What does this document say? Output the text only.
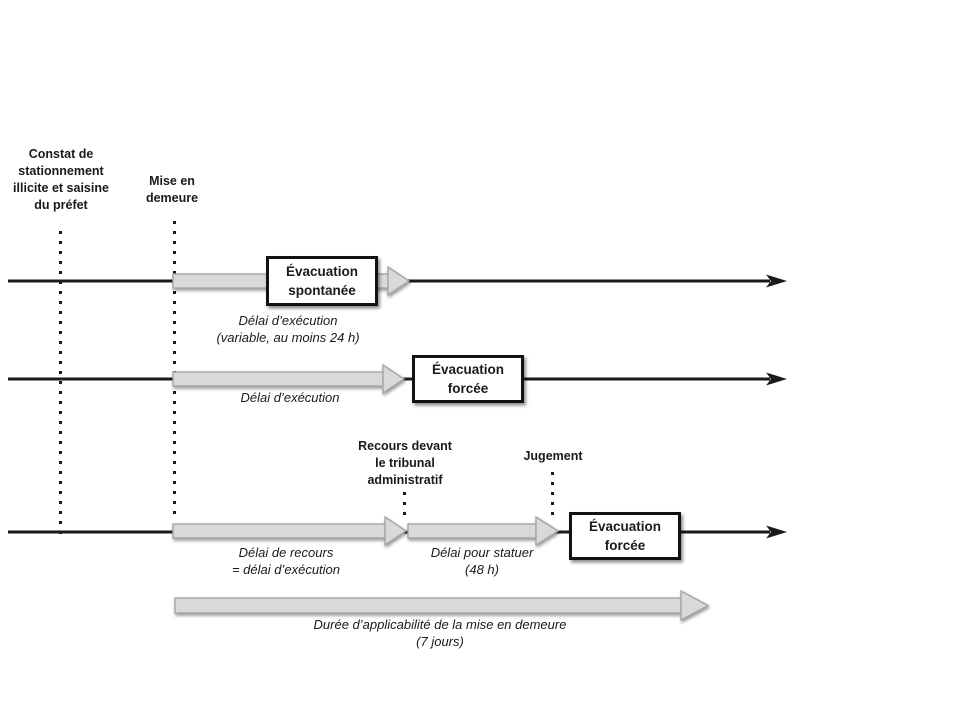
Constat de stationnement illicite et saisine du préfet
Mise en demeure
Évacuation spontanée
Évacuation forcée
Évacuation forcée
Recours devant le tribunal administratif
Jugement
Délai d’exécution
(variable, au moins 24 h)
Délai d’exécution
Délai de recours
= délai d’exécution
Délai pour statuer
(48 h)
Durée d’applicabilité de la mise en demeure
(7 jours)
